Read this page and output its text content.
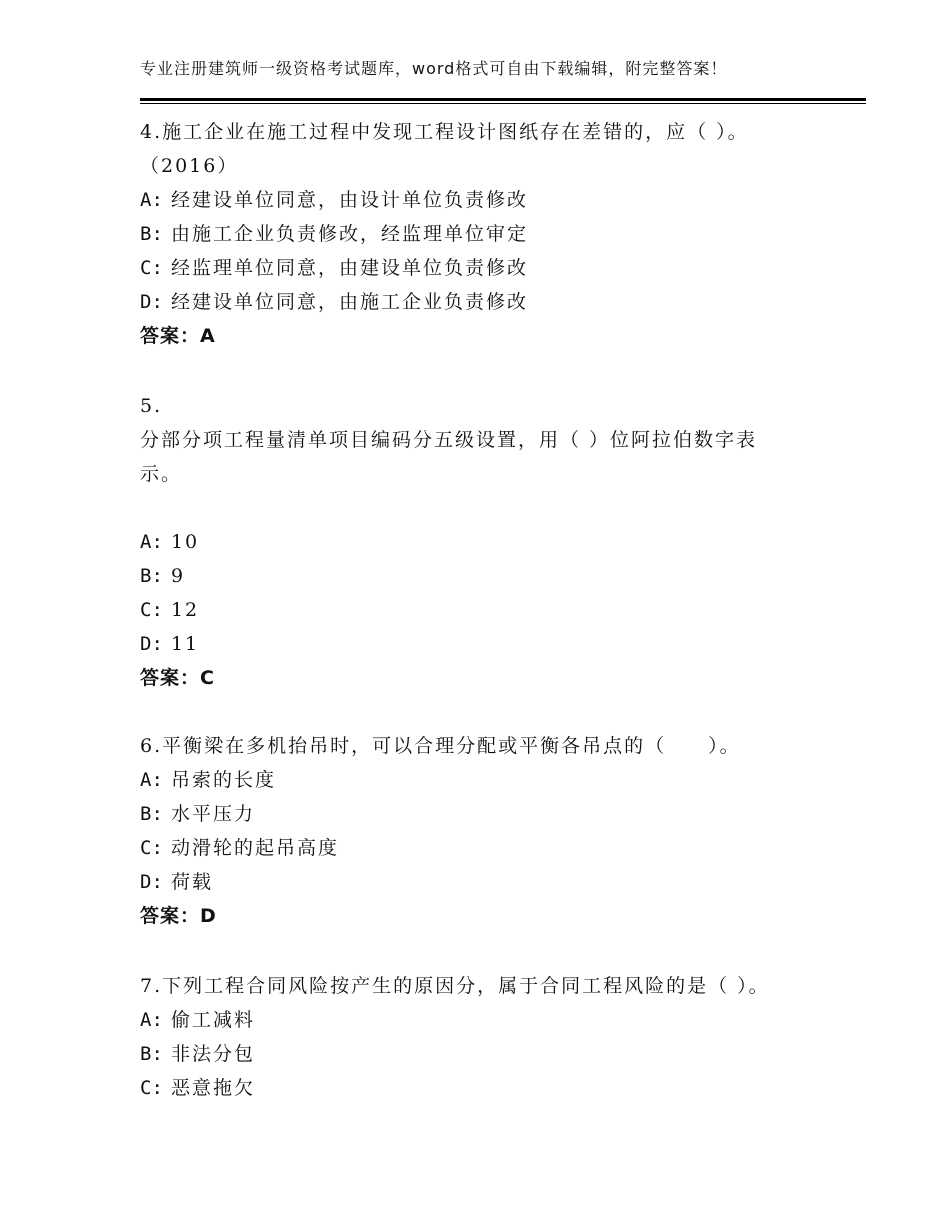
专业注册建筑师一级资格考试题库，word格式可自由下载编辑，附完整答案！
4.施工企业在施工过程中发现工程设计图纸存在差错的，应（ ）。
（2016）
A: 经建设单位同意，由设计单位负责修改
B: 由施工企业负责修改，经监理单位审定
C: 经监理单位同意，由建设单位负责修改
D: 经建设单位同意，由施工企业负责修改
答案：A
5.
分部分项工程量清单项目编码分五级设置，用（ ）位阿拉伯数字表
示。
A: 10
B: 9
C: 12
D: 11
答案：C
6.平衡梁在多机抬吊时，可以合理分配或平衡各吊点的（　　）。
A: 吊索的长度
B: 水平压力
C: 动滑轮的起吊高度
D: 荷载
答案：D
7.下列工程合同风险按产生的原因分，属于合同工程风险的是（ ）。
A: 偷工减料
B: 非法分包
C: 恶意拖欠
